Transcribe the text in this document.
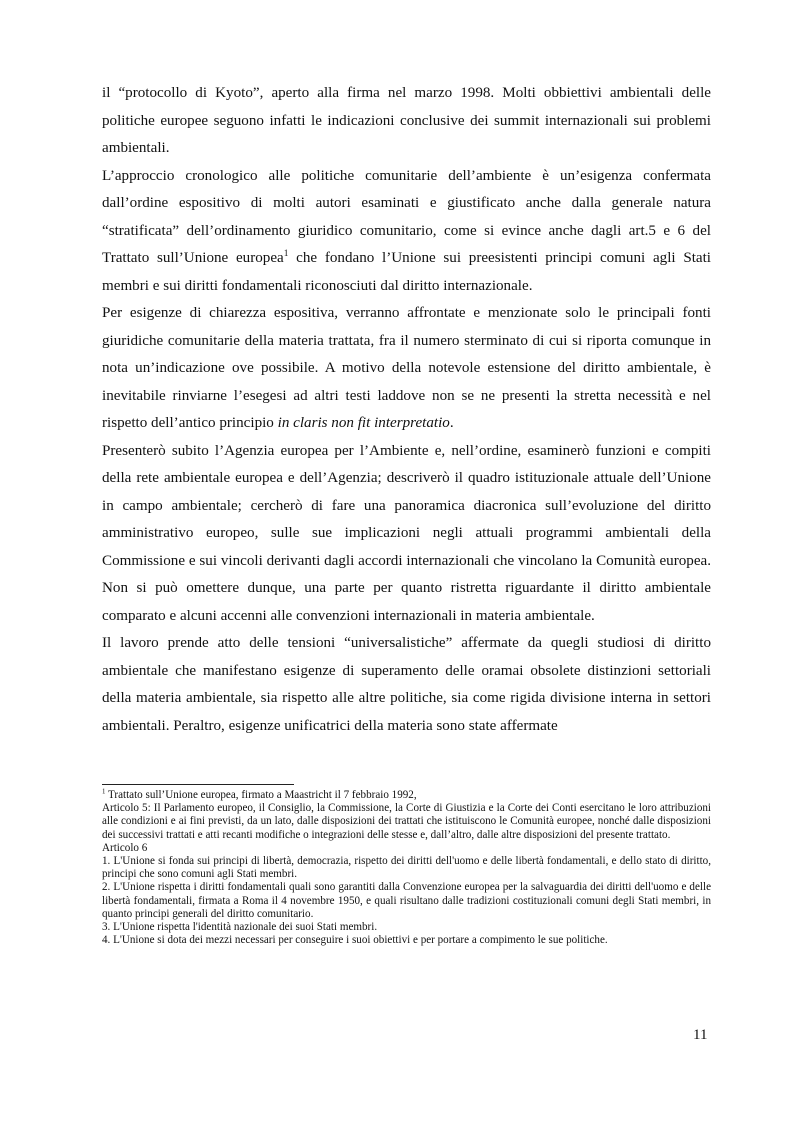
il “protocollo di Kyoto”, aperto alla firma nel marzo 1998. Molti obbiettivi ambientali delle politiche europee seguono infatti le indicazioni conclusive dei summit internazionali sui problemi ambientali.

L’approccio cronologico alle politiche comunitarie dell’ambiente è un’esigenza confermata dall’ordine espositivo di molti autori esaminati e giustificato anche dalla generale natura “stratificata” dell’ordinamento giuridico comunitario, come si evince anche dagli art.5 e 6 del Trattato sull’Unione europea$^1$ che fondano l’Unione sui preesistenti principi comuni agli Stati membri e sui diritti fondamentali riconosciuti dal diritto internazionale.

Per esigenze di chiarezza espositiva, verranno affrontate e menzionate solo le principali fonti giuridiche comunitarie della materia trattata, fra il numero sterminato di cui si riporta comunque in nota un’indicazione ove possibile. A motivo della notevole estensione del diritto ambientale, è inevitabile rinviarne l’esegesi ad altri testi laddove non se ne presenti la stretta necessità e nel rispetto dell’antico principio in claris non fit interpretatio.

Presenterò subito l’Agenzia europea per l’Ambiente e, nell’ordine, esaminerò funzioni e compiti della rete ambientale europea e dell’Agenzia; descriverò il quadro istituzionale attuale dell’Unione in campo ambientale; cercherò di fare una panoramica diacronica sull’evoluzione del diritto amministrativo europeo, sulle sue implicazioni negli attuali programmi ambientali della Commissione e sui vincoli derivanti dagli accordi internazionali che vincolano la Comunità europea. Non si può omettere dunque, una parte per quanto ristretta riguardante il diritto ambientale comparato e alcuni accenni alle convenzioni internazionali in materia ambientale.

Il lavoro prende atto delle tensioni “universalistiche” affermate da quegli studiosi di diritto ambientale che manifestano esigenze di superamento delle oramai obsolete distinzioni settoriali della materia ambientale, sia rispetto alle altre politiche, sia come rigida divisione interna in settori ambientali. Peraltro, esigenze unificatrici della materia sono state affermate

$^1$ Trattato sull’Unione europea, firmato a Maastricht il 7 febbraio 1992,

Articolo 5: Il Parlamento europeo, il Consiglio, la Commissione, la Corte di Giustizia e la Corte dei Conti esercitano le loro attribuzioni alle condizioni e ai fini previsti, da un lato, dalle disposizioni dei trattati che istituiscono le Comunità europee, nonché dalle disposizioni dei successivi trattati e atti recanti modifiche o integrazioni delle stesse e, dall’altro, dalle altre disposizioni del presente trattato.

Articolo 6

1. L'Unione si fonda sui principi di libertà, democrazia, rispetto dei diritti dell'uomo e delle libertà fondamentali, e dello stato di diritto, principi che sono comuni agli Stati membri.

2. L'Unione rispetta i diritti fondamentali quali sono garantiti dalla Convenzione europea per la salvaguardia dei diritti dell'uomo e delle libertà fondamentali, firmata a Roma il 4 novembre 1950, e quali risultano dalle tradizioni costituzionali comuni degli Stati membri, in quanto principi generali del diritto comunitario.

3. L'Unione rispetta l'identità nazionale dei suoi Stati membri.

4. L'Unione si dota dei mezzi necessari per conseguire i suoi obiettivi e per portare a compimento le sue politiche.

11
